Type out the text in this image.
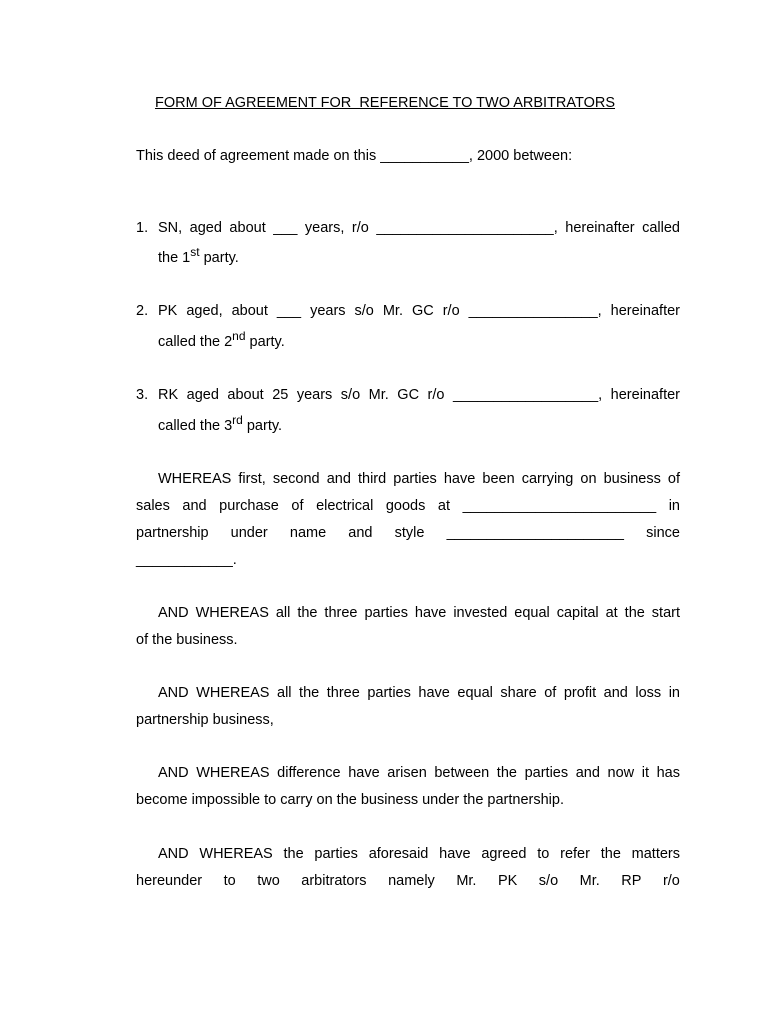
FORM OF AGREEMENT FOR  REFERENCE TO TWO ARBITRATORS
This deed of agreement made on this ___________, 2000 between:
1. SN, aged about ___ years, r/o ______________________, hereinafter called
the 1st party.
2. PK aged, about ___ years s/o Mr. GC r/o ________________, hereinafter
called the 2nd party.
3. RK aged about 25 years s/o Mr. GC r/o __________________, hereinafter
called the 3rd party.
WHEREAS first, second and third parties have been carrying on business of
sales and purchase of electrical goods at ________________________ in
partnership under name and style ______________________ since
____________.
AND WHEREAS all the three parties have invested equal capital at the start
of the business.
AND WHEREAS all the three parties have equal share of profit and loss in
partnership business,
AND WHEREAS difference have arisen between the parties and now it has
become impossible to carry on the business under the partnership.
AND WHEREAS the parties aforesaid have agreed to refer the matters
hereunder to two arbitrators namely Mr. PK s/o Mr. RP r/o
